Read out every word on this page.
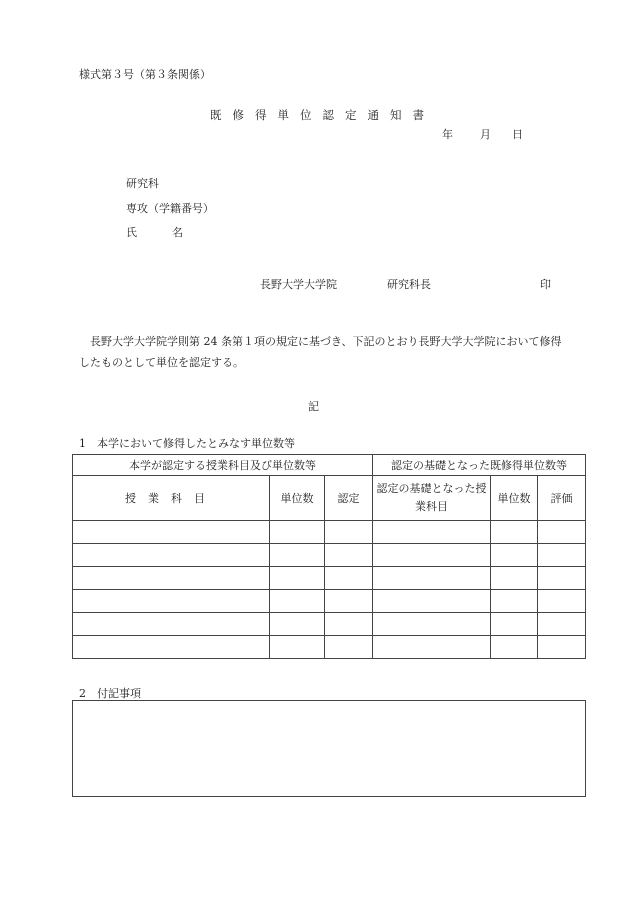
様式第３号（第３条関係）
既修得単位認定通知書
年 月 日
研究科
専攻（学籍番号）
氏　名
長野大学大学院	研究科長	印
長野大学大学院学則第 24 条第１項の規定に基づき、下記のとおり長野大学大学院において修得したものとして単位を認定する。
記
1　本学において修得したとみなす単位数等
本学が認定する授業科目及び単位数等			認定の基礎となった既修得単位数等		
授業科目	単位数	認定	認定の基礎となった授業科目	単位数	評価

2　付記事項
